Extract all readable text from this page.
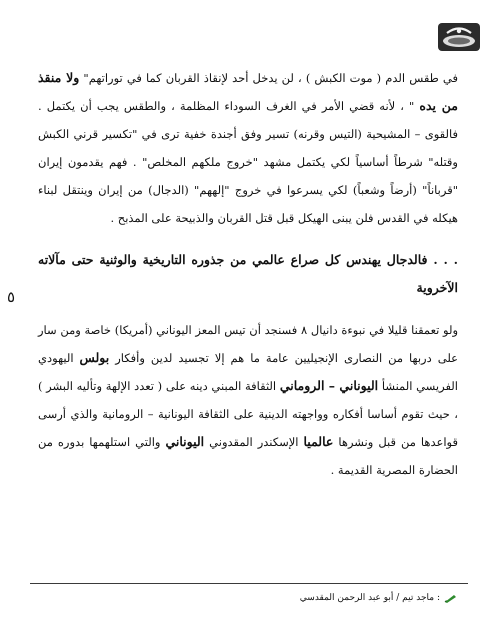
في طقس الدم ( موت الكبش ) ، لن يدخل أحد لإنقاذ القربان كما في توراتهم" ولا منقذ من يده " ، لأنه قضي الأمر في الغرف السوداء المظلمة ، والطقس يجب أن يكتمل . فالقوى – المشيحية (التيس وقرنه) تسير وفق أجندة خفية ترى في "تكسير قرني الكبش وقتله" شرطاً أساسياً لكي يكتمل مشهد "خروج ملكهم المخلص" . فهم يقدمون إيران "قرباناً" (أرضاً وشعباً) لكي يسرعوا في خروج "إلههم" (الدجال) من إيران وينتقل لبناء هيكله في القدس فلن يبنى الهيكل قبل قتل القربان والذبيحة على المذبح .

. . . فالدجال يهندس كل صراع عالمي من جذوره التاريخية والوثنية حتى مآلاته الآخروية

ولو تعمقنا قليلا في نبوءة دانيال ٨ فسنجد أن تيس المعز اليوناني (أمريكا) خاصة ومن سار على دربها من النصارى الإنجيليين عامة ما هم إلا تجسيد لدين وأفكار بولس اليهودي الفريسي المنشأ اليوناني – الروماني الثقافة المبني دينه على ( تعدد الإلهة وتأليه البشر ) ، حيث تقوم أساسا أفكاره وواجهته الدينية على الثقافة اليونانية – الرومانية والذي أرسى قواعدها من قبل ونشرها عالميا الإسكندر المقدوني اليوناني والتي استلهمها بدوره من الحضارة المصرية القديمة .

٥
: ماجد تيم / أبو عبد الرحمن المقدسي
